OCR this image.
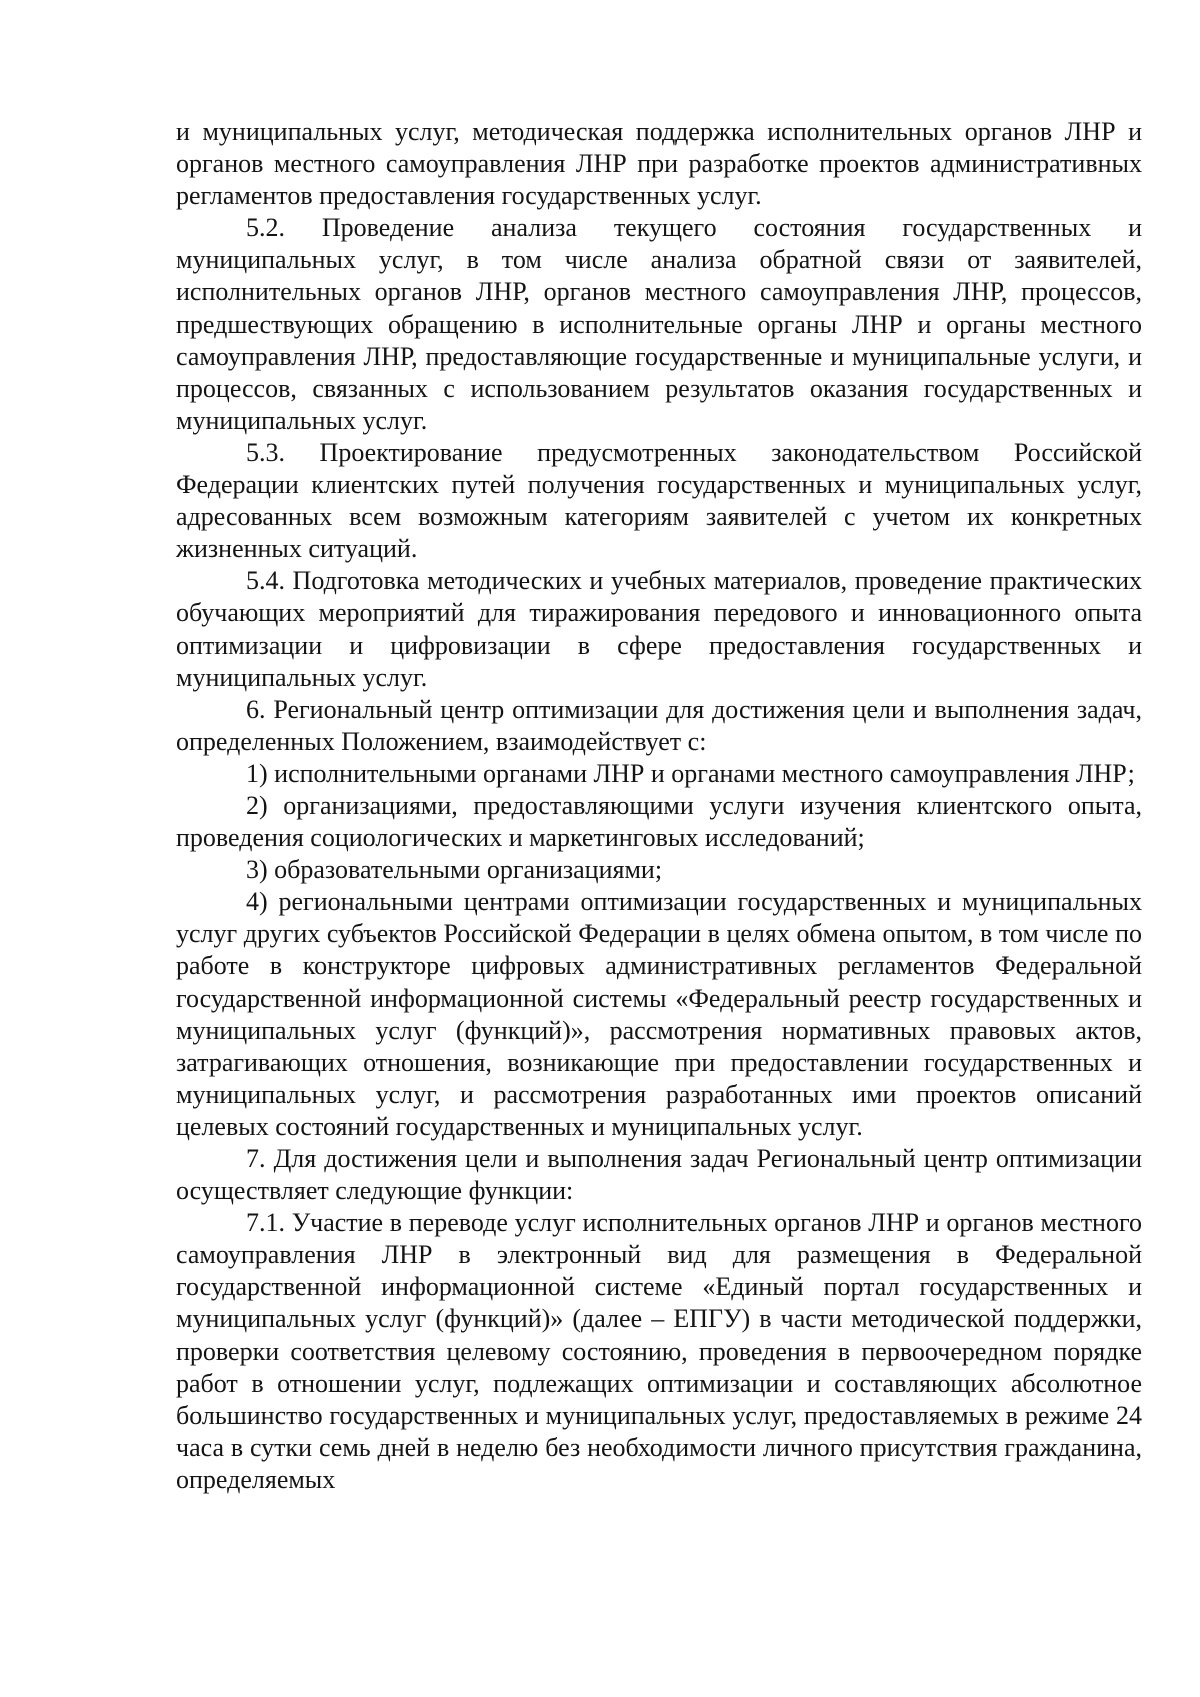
и муниципальных услуг, методическая поддержка исполнительных органов ЛНР и органов местного самоуправления ЛНР при разработке проектов административных регламентов предоставления государственных услуг.

5.2. Проведение анализа текущего состояния государственных и муниципальных услуг, в том числе анализа обратной связи от заявителей, исполнительных органов ЛНР, органов местного самоуправления ЛНР, процессов, предшествующих обращению в исполнительные органы ЛНР и органы местного самоуправления ЛНР, предоставляющие государственные и муниципальные услуги, и процессов, связанных с использованием результатов оказания государственных и муниципальных услуг.

5.3. Проектирование предусмотренных законодательством Российской Федерации клиентских путей получения государственных и муниципальных услуг, адресованных всем возможным категориям заявителей с учетом их конкретных жизненных ситуаций.

5.4. Подготовка методических и учебных материалов, проведение практических обучающих мероприятий для тиражирования передового и инновационного опыта оптимизации и цифровизации в сфере предоставления государственных и муниципальных услуг.

6. Региональный центр оптимизации для достижения цели и выполнения задач, определенных Положением, взаимодействует с:

1) исполнительными органами ЛНР и органами местного самоуправления ЛНР;

2) организациями, предоставляющими услуги изучения клиентского опыта, проведения социологических и маркетинговых исследований;

3) образовательными организациями;

4) региональными центрами оптимизации государственных и муниципальных услуг других субъектов Российской Федерации в целях обмена опытом, в том числе по работе в конструкторе цифровых административных регламентов Федеральной государственной информационной системы «Федеральный реестр государственных и муниципальных услуг (функций)», рассмотрения нормативных правовых актов, затрагивающих отношения, возникающие при предоставлении государственных и муниципальных услуг, и рассмотрения разработанных ими проектов описаний целевых состояний государственных и муниципальных услуг.

7. Для достижения цели и выполнения задач Региональный центр оптимизации осуществляет следующие функции:

7.1. Участие в переводе услуг исполнительных органов ЛНР и органов местного самоуправления ЛНР в электронный вид для размещения в Федеральной государственной информационной системе «Единый портал государственных и муниципальных услуг (функций)» (далее – ЕПГУ) в части методической поддержки, проверки соответствия целевому состоянию, проведения в первоочередном порядке работ в отношении услуг, подлежащих оптимизации и составляющих абсолютное большинство государственных и муниципальных услуг, предоставляемых в режиме 24 часа в сутки семь дней в неделю без необходимости личного присутствия гражданина, определяемых
